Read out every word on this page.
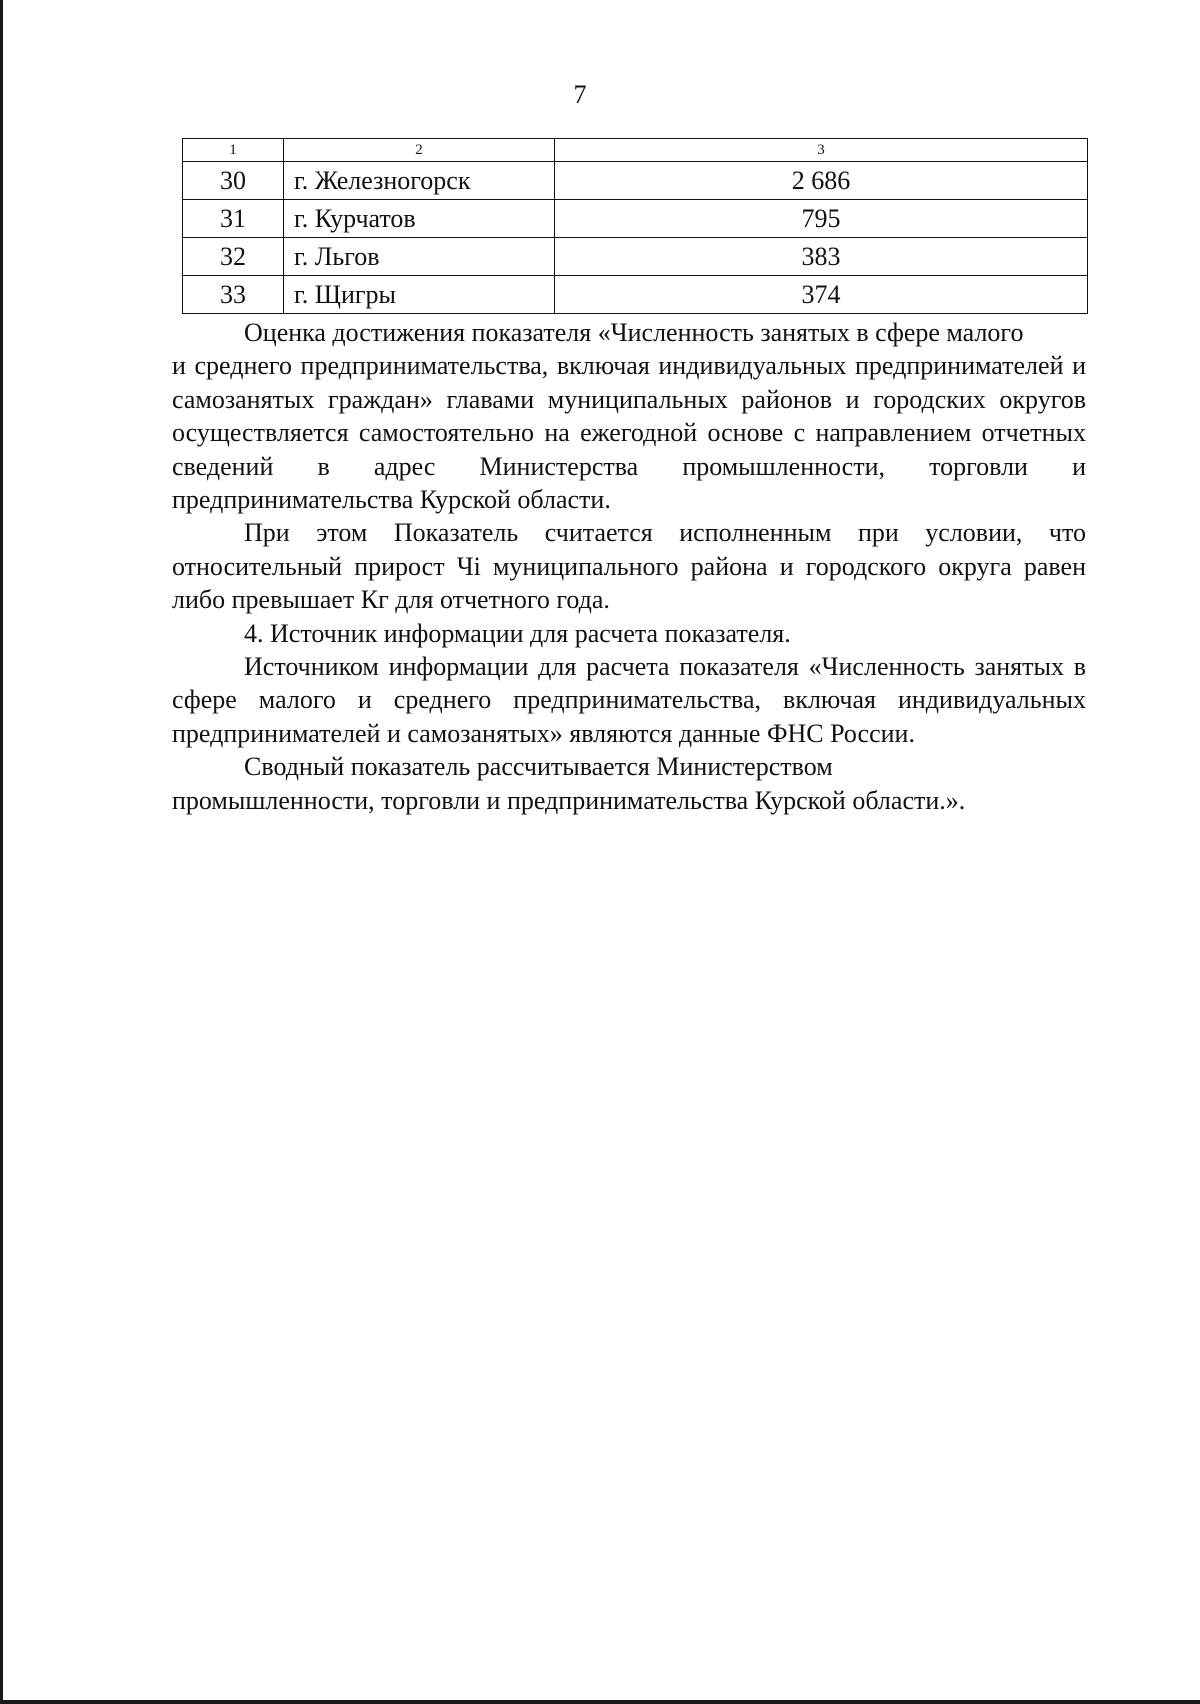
7
1	2	3
30	г. Железногорск	2 686
31	г. Курчатов	795
32	г. Льгов	383
33	г. Щигры	374

Оценка достижения показателя «Численность занятых в сфере малого

и среднего предпринимательства, включая индивидуальных предпринимателей и самозанятых граждан» главами муниципальных районов и городских округов осуществляется самостоятельно на ежегодной основе с направлением отчетных сведений в адрес Министерства промышленности, торговли и предпринимательства Курской области.

При этом Показатель считается исполненным при условии, что относительный прирост Чi муниципального района и городского округа равен либо превышает Кг для отчетного года.

4. Источник информации для расчета показателя.

Источником информации для расчета показателя «Численность занятых в сфере малого и среднего предпринимательства, включая индивидуальных предпринимателей и самозанятых» являются данные ФНС России.

Сводный показатель рассчитывается Министерством

промышленности, торговли и предпринимательства Курской области.».
